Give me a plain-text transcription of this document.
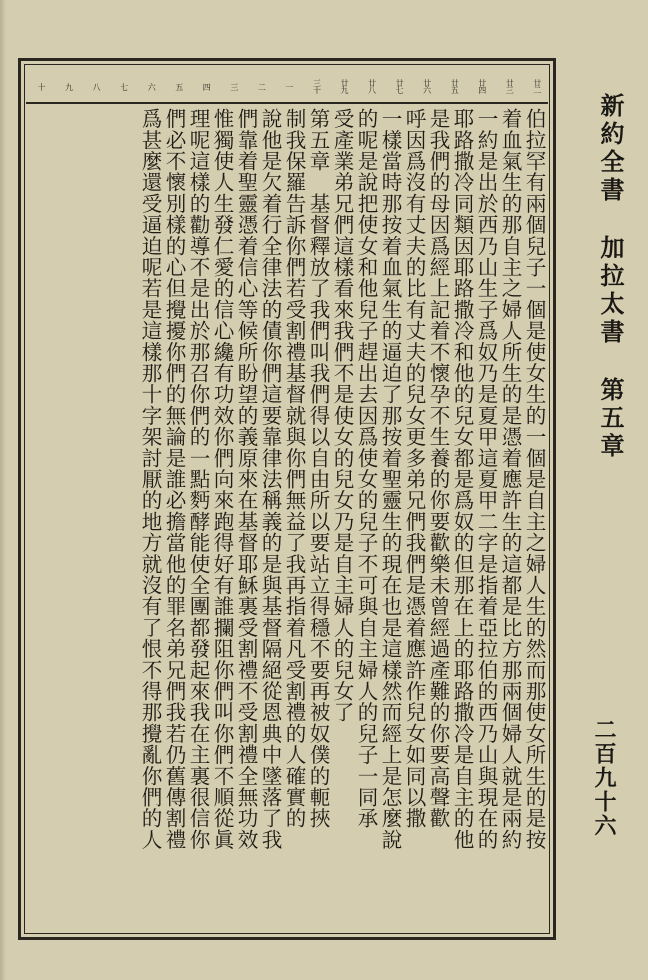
新約全書 加拉太書 第五章
二百九十六
廿二
廿三
廿四
廿五
廿六
廿七
廿八
廿九
三十
一
二
三
四
五
六
七
八
九
十
伯拉罕有兩個兒子一個是使女生的一個是自主之婦人生的然而那使女所生的是按
着血氣生的那自主之婦人所生的是憑着應許生的這都是比方那兩個婦人就是兩約
一約是出於西乃山生子爲奴乃是夏甲這夏甲二字是指着亞拉伯的西乃山與現在的
耶路撒冷同類因耶路撒冷和他的兒女都是爲奴的但那在上的耶路撒冷是自主的他
是我們的母因爲經上記着不懷孕不生養的你要歡樂未曾經過產難的你要高聲歡
呼因爲沒有丈夫的比有丈夫的兒女更多弟兄們我們是憑着應許作兒女如同以撒
一樣當時那按着血氣生的逼迫了那按着聖靈生的現在也是這樣然而經上是怎麼說
的呢是說把使女和他兒子趕出去因爲使女的兒子不可與自主婦人的兒子一同承
受產業弟兄們這樣看來我們不是使女的兒女乃是自主婦人的兒女了
第五章　基督釋放了我們叫我們得以自由所以要站立得穩不要再被奴僕的軛挾
制我保羅告訴你們若受割禮基督就與你們無益了我再指着凡受割禮的人確實的
說他是欠着行全律法的債你們這要靠律法稱義的是與基督隔絕從恩典中墜落了我
們靠着聖靈憑着信心等候所盼望的義原來在基督耶穌裏受割禮不受割禮全無功效
惟獨使人生發仁愛的信心纔有功效你們向來跑得好有誰攔阻你們叫你們不順從眞
理呢這樣的勸導不是出於那召你們的一點麪酵能使全團都發起來我在主裏很信你
們必不懷別樣的心但攪擾你們的無論是誰必擔當他的罪名弟兄們我若仍舊傳割禮
爲甚麼還受逼迫呢若是這樣那十字架討厭的地方就沒有了恨不得那攪亂你們的人
